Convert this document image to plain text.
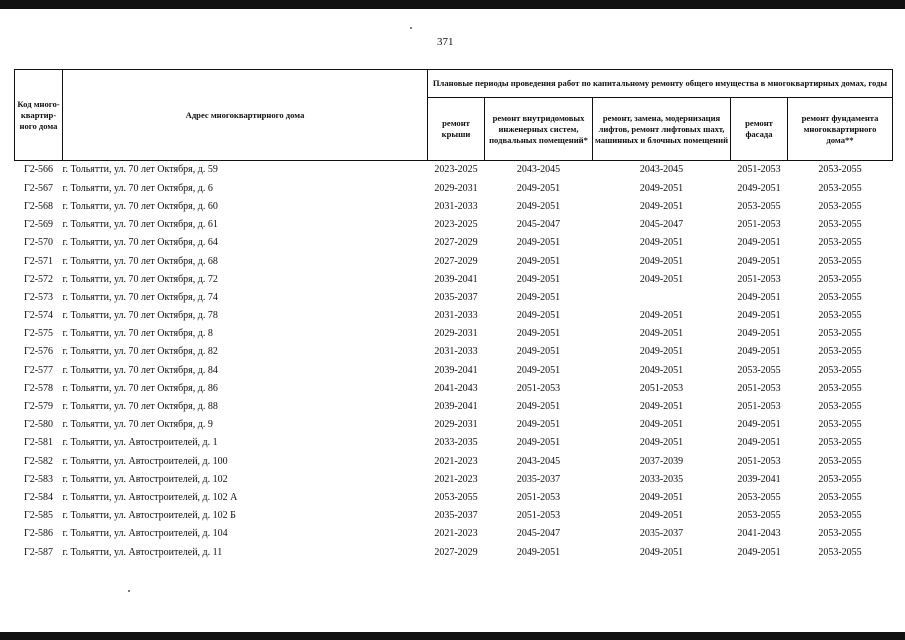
371
Код много-квартир-ного дома	Адрес многоквартирного дома	Плановые периоды проведения работ по капитальному ремонту общего имущества в многоквартирных домах, годы				
		ремонт крыши	ремонт внутридомовых инженерных систем, подвальных помещений*	ремонт, замена, модернизация лифтов, ремонт лифтовых шахт, машинных и блочных помещений	ремонт фасада	ремонт фундамента многоквартирного дома**
Г2-566	г. Тольятти, ул. 70 лет Октября, д. 59	2023-2025	2043-2045	2043-2045	2051-2053	2053-2055
Г2-567	г. Тольятти, ул. 70 лет Октября, д. 6	2029-2031	2049-2051	2049-2051	2049-2051	2053-2055
Г2-568	г. Тольятти, ул. 70 лет Октября, д. 60	2031-2033	2049-2051	2049-2051	2053-2055	2053-2055
Г2-569	г. Тольятти, ул. 70 лет Октября, д. 61	2023-2025	2045-2047	2045-2047	2051-2053	2053-2055
Г2-570	г. Тольятти, ул. 70 лет Октября, д. 64	2027-2029	2049-2051	2049-2051	2049-2051	2053-2055
Г2-571	г. Тольятти, ул. 70 лет Октября, д. 68	2027-2029	2049-2051	2049-2051	2049-2051	2053-2055
Г2-572	г. Тольятти, ул. 70 лет Октября, д. 72	2039-2041	2049-2051	2049-2051	2051-2053	2053-2055
Г2-573	г. Тольятти, ул. 70 лет Октября, д. 74	2035-2037	2049-2051		2049-2051	2053-2055
Г2-574	г. Тольятти, ул. 70 лет Октября, д. 78	2031-2033	2049-2051	2049-2051	2049-2051	2053-2055
Г2-575	г. Тольятти, ул. 70 лет Октября, д. 8	2029-2031	2049-2051	2049-2051	2049-2051	2053-2055
Г2-576	г. Тольятти, ул. 70 лет Октября, д. 82	2031-2033	2049-2051	2049-2051	2049-2051	2053-2055
Г2-577	г. Тольятти, ул. 70 лет Октября, д. 84	2039-2041	2049-2051	2049-2051	2053-2055	2053-2055
Г2-578	г. Тольятти, ул. 70 лет Октября, д. 86	2041-2043	2051-2053	2051-2053	2051-2053	2053-2055
Г2-579	г. Тольятти, ул. 70 лет Октября, д. 88	2039-2041	2049-2051	2049-2051	2051-2053	2053-2055
Г2-580	г. Тольятти, ул. 70 лет Октября, д. 9	2029-2031	2049-2051	2049-2051	2049-2051	2053-2055
Г2-581	г. Тольятти, ул. Автостроителей, д. 1	2033-2035	2049-2051	2049-2051	2049-2051	2053-2055
Г2-582	г. Тольятти, ул. Автостроителей, д. 100	2021-2023	2043-2045	2037-2039	2051-2053	2053-2055
Г2-583	г. Тольятти, ул. Автостроителей, д. 102	2021-2023	2035-2037	2033-2035	2039-2041	2053-2055
Г2-584	г. Тольятти, ул. Автостроителей, д. 102 А	2053-2055	2051-2053	2049-2051	2053-2055	2053-2055
Г2-585	г. Тольятти, ул. Автостроителей, д. 102 Б	2035-2037	2051-2053	2049-2051	2053-2055	2053-2055
Г2-586	г. Тольятти, ул. Автостроителей, д. 104	2021-2023	2045-2047	2035-2037	2041-2043	2053-2055
Г2-587	г. Тольятти, ул. Автостроителей, д. 11	2027-2029	2049-2051	2049-2051	2049-2051	2053-2055
